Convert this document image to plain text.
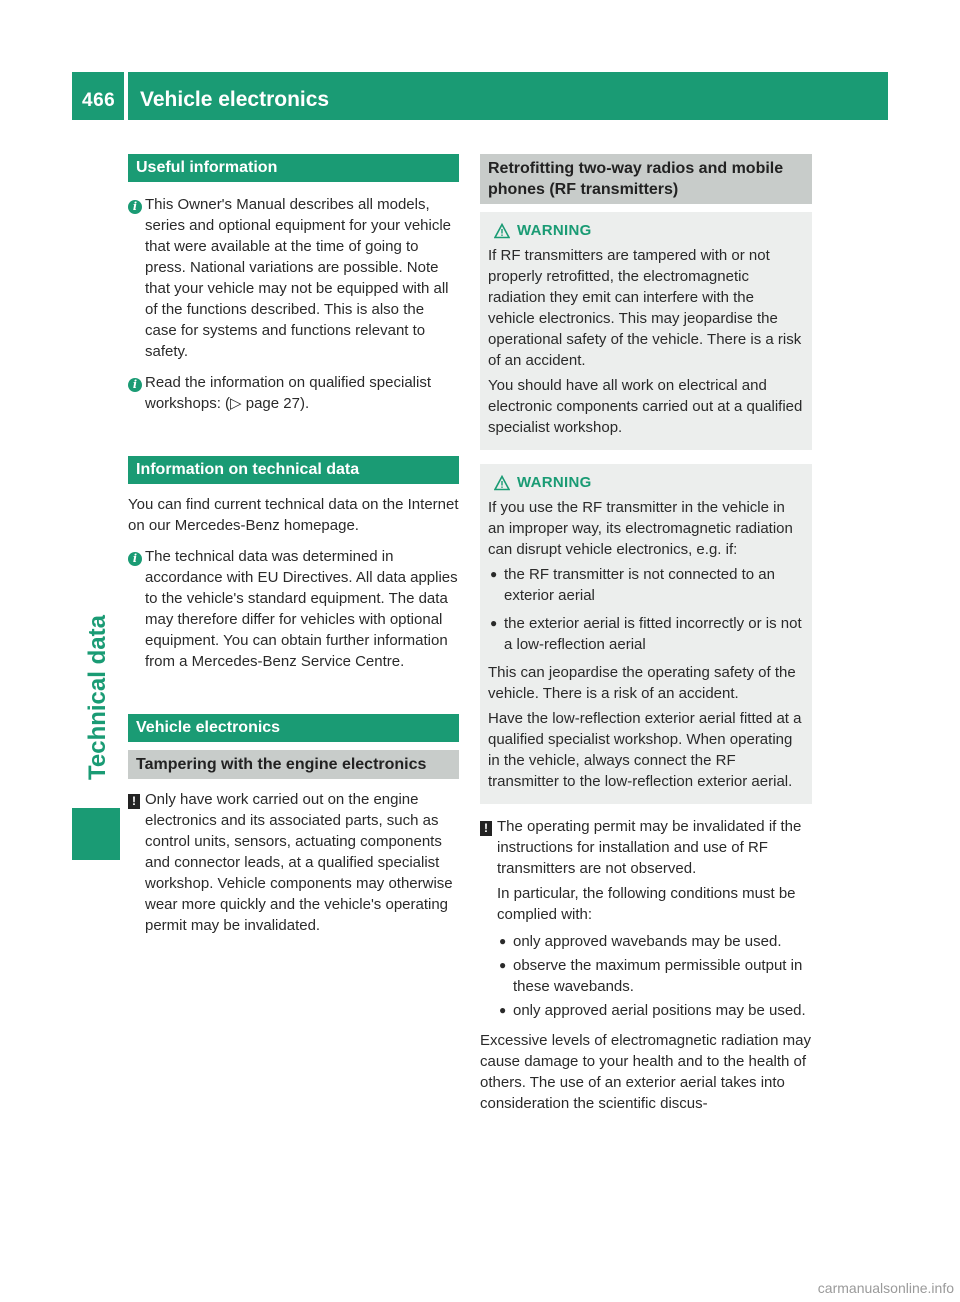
466 Vehicle electronics
Technical data
Useful information
i This Owner's Manual describes all models, series and optional equipment for your vehicle that were available at the time of going to press. National variations are possible. Note that your vehicle may not be equipped with all of the functions described. This is also the case for systems and functions relevant to safety.

i Read the information on qualified specialist workshops: (▷ page 27).

Information on technical data

You can find current technical data on the Internet on our Mercedes-Benz homepage.

i The technical data was determined in accordance with EU Directives. All data applies to the vehicle's standard equipment. The data may therefore differ for vehicles with optional equipment. You can obtain further information from a Mercedes-Benz Service Centre.

Vehicle electronics
Tampering with the engine electronics
! Only have work carried out on the engine electronics and its associated parts, such as control units, sensors, actuating components and connector leads, at a qualified specialist workshop. Vehicle components may otherwise wear more quickly and the vehicle's operating permit may be invalidated.

Retrofitting two-way radios and mobile phones (RF transmitters)
WARNING

If RF transmitters are tampered with or not properly retrofitted, the electromagnetic radiation they emit can interfere with the vehicle electronics. This may jeopardise the operational safety of the vehicle. There is a risk of an accident.

You should have all work on electrical and electronic components carried out at a qualified specialist workshop.

WARNING

If you use the RF transmitter in the vehicle in an improper way, its electromagnetic radiation can disrupt vehicle electronics, e.g. if:

● the RF transmitter is not connected to an exterior aerial

● the exterior aerial is fitted incorrectly or is not a low-reflection aerial

This can jeopardise the operating safety of the vehicle. There is a risk of an accident.

Have the low-reflection exterior aerial fitted at a qualified specialist workshop. When operating in the vehicle, always connect the RF transmitter to the low-reflection exterior aerial.

! The operating permit may be invalidated if the instructions for installation and use of RF transmitters are not observed.

In particular, the following conditions must be complied with:

● only approved wavebands may be used.

● observe the maximum permissible output in these wavebands.

● only approved aerial positions may be used.

Excessive levels of electromagnetic radiation may cause damage to your health and to the health of others. The use of an exterior aerial takes into consideration the scientific discus-

carmanualsonline.info
